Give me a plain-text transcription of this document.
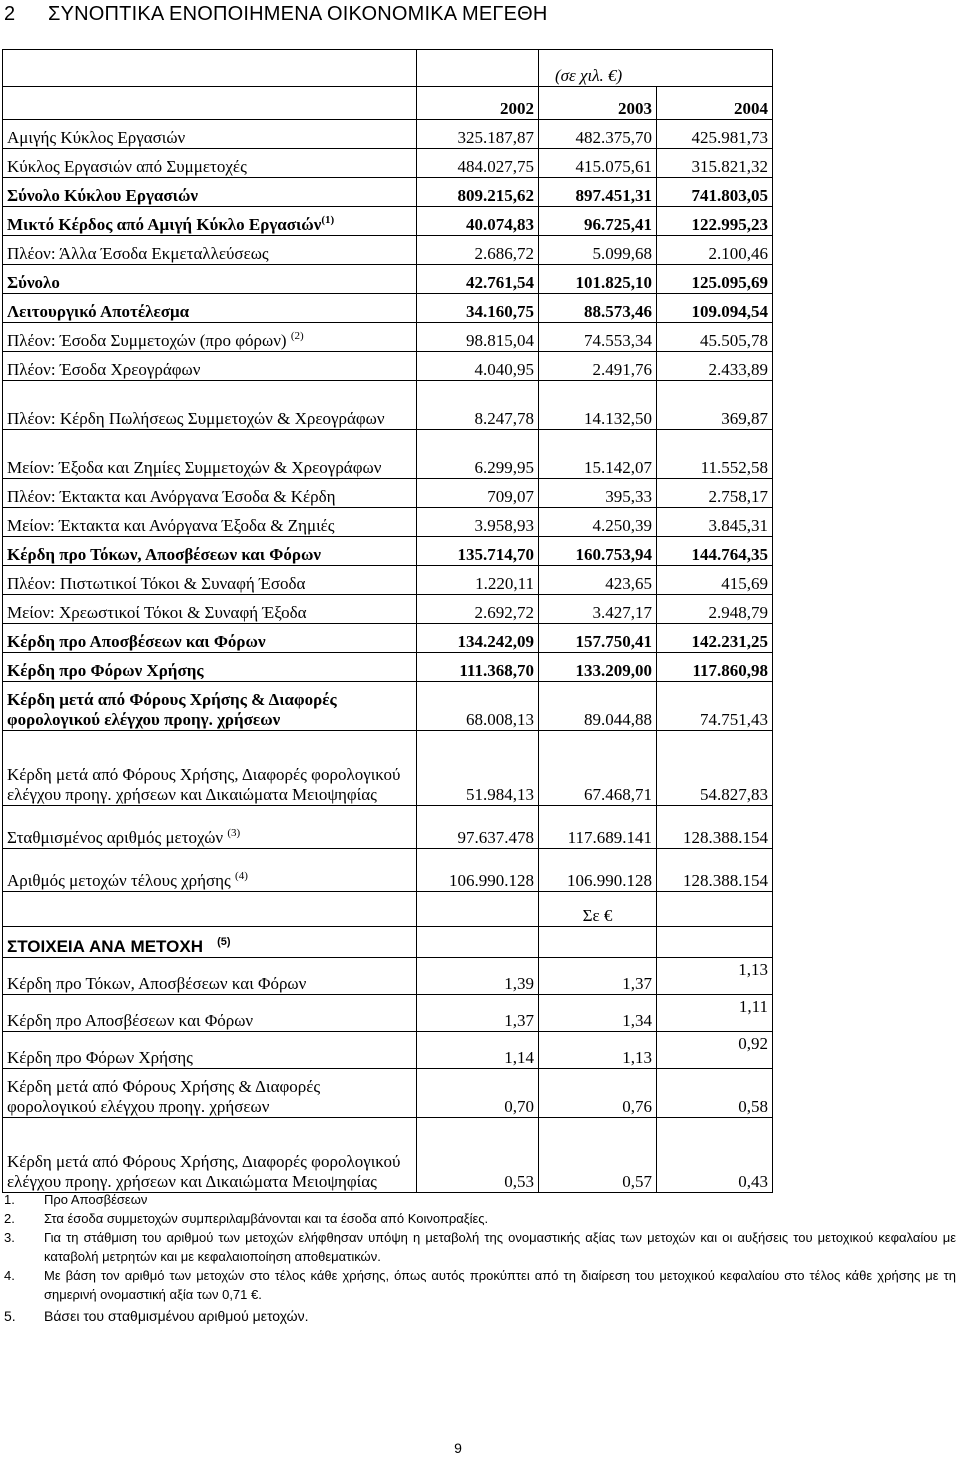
2 ΣΥΝΟΠΤΙΚΑ ΕΝΟΠΟΙΗΜΕΝΑ ΟΙΚΟΝΟΜΙΚΑ ΜΕΓΕΘΗ
		(σε χιλ. €)	
	2002	2003	2004
Αμιγής Κύκλος Εργασιών	325.187,87	482.375,70	425.981,73
Κύκλος Εργασιών από Συμμετοχές	484.027,75	415.075,61	315.821,32
Σύνολο Κύκλου Εργασιών	809.215,62	897.451,31	741.803,05
Μικτό Κέρδος από Αμιγή Κύκλο Εργασιών$^{(1)}$	40.074,83	96.725,41	122.995,23
Πλέον: Άλλα Έσοδα Εκμεταλλεύσεως	2.686,72	5.099,68	2.100,46
Σύνολο	42.761,54	101.825,10	125.095,69
Λειτουργικό Αποτέλεσμα	34.160,75	88.573,46	109.094,54
Πλέον: Έσοδα Συμμετοχών (προ φόρων) $^{(2)}$	98.815,04	74.553,34	45.505,78
Πλέον: Έσοδα Χρεογράφων	4.040,95	2.491,76	2.433,89
Πλέον: Κέρδη Πωλήσεως Συμμετοχών & Χρεογράφων	8.247,78	14.132,50	369,87
Μείον: Έξοδα και Ζημίες Συμμετοχών & Χρεογράφων	6.299,95	15.142,07	11.552,58
Πλέον: Έκτακτα και Ανόργανα Έσοδα & Κέρδη	709,07	395,33	2.758,17
Μείον: Έκτακτα και Ανόργανα Έξοδα & Ζημιές	3.958,93	4.250,39	3.845,31
Κέρδη προ Τόκων, Αποσβέσεων και Φόρων	135.714,70	160.753,94	144.764,35
Πλέον: Πιστωτικοί Τόκοι & Συναφή Έσοδα	1.220,11	423,65	415,69
Μείον: Χρεωστικοί Τόκοι & Συναφή Έξοδα	2.692,72	3.427,17	2.948,79
Κέρδη προ Αποσβέσεων και Φόρων	134.242,09	157.750,41	142.231,25
Κέρδη προ Φόρων Χρήσης	111.368,70	133.209,00	117.860,98
Κέρδη μετά από Φόρους Χρήσης & Διαφορές φορολογικού ελέγχου προηγ. χρήσεων	68.008,13	89.044,88	74.751,43
Κέρδη μετά από Φόρους Χρήσης, Διαφορές φορολογικού ελέγχου προηγ. χρήσεων και Δικαιώματα Μειοψηφίας	51.984,13	67.468,71	54.827,83
Σταθμισμένος αριθμός μετοχών $^{(3)}$	97.637.478	117.689.141	128.388.154
Αριθμός μετοχών τέλους χρήσης $^{(4)}$	106.990.128	106.990.128	128.388.154
		Σε €	
ΣΤΟΙΧΕΙΑ ΑΝΑ ΜΕΤΟΧΗ $^{(5)}$			
Κέρδη προ Τόκων, Αποσβέσεων και Φόρων	1,39	1,37	1,13
Κέρδη προ Αποσβέσεων και Φόρων	1,37	1,34	1,11
Κέρδη προ Φόρων Χρήσης	1,14	1,13	0,92
Κέρδη μετά από Φόρους Χρήσης & Διαφορές φορολογικού ελέγχου προηγ. χρήσεων	0,70	0,76	0,58
Κέρδη μετά από Φόρους Χρήσης, Διαφορές φορολογικού ελέγχου προηγ. χρήσεων και Δικαιώματα Μειοψηφίας	0,53	0,57	0,43
1.	Προ Αποσβέσεων
2.	Στα έσοδα συμμετοχών συμπεριλαμβάνονται και τα έσοδα από Κοινοπραξίες.
3.	Για τη στάθμιση του αριθμού των μετοχών ελήφθησαν υπόψη η μεταβολή της ονομαστικής αξίας των μετοχών και οι αυξήσεις του μετοχικού κεφαλαίου με καταβολή μετρητών και με κεφαλαιοποίηση αποθεματικών.
4.	Με βάση τον αριθμό των μετοχών στο τέλος κάθε χρήσης, όπως αυτός προκύπτει από τη διαίρεση του μετοχικού κεφαλαίου στο τέλος κάθε χρήσης με τη σημερινή ονομαστική αξία των 0,71 €.
5.	Βάσει του σταθμισμένου αριθμού μετοχών.
9
